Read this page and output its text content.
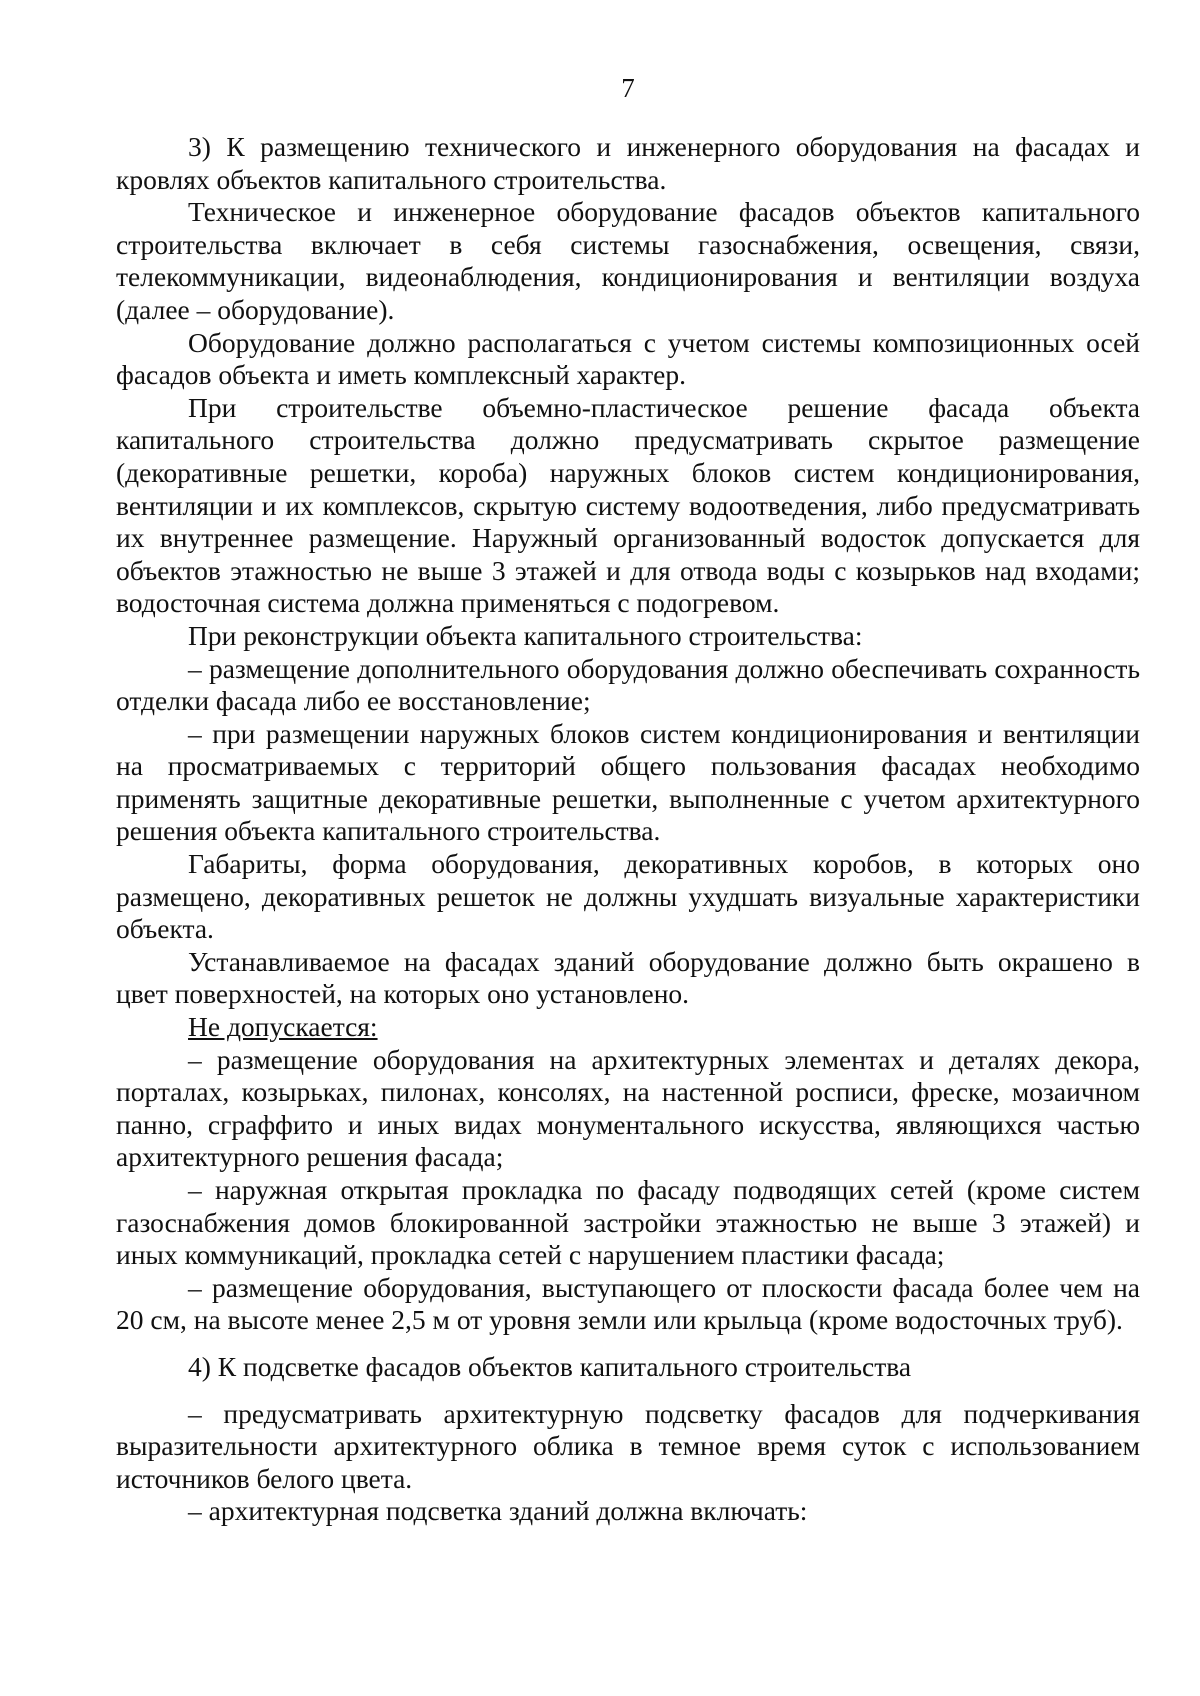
7

3) К размещению технического и инженерного оборудования на фасадах и кровлях объектов капитального строительства.

Техническое и инженерное оборудование фасадов объектов капитального строительства включает в себя системы газоснабжения, освещения, связи, телекоммуникации, видеонаблюдения, кондиционирования и вентиляции воздуха (далее – оборудование).

Оборудование должно располагаться с учетом системы композиционных осей фасадов объекта и иметь комплексный характер.

При строительстве объемно-пластическое решение фасада объекта капитального строительства должно предусматривать скрытое размещение (декоративные решетки, короба) наружных блоков систем кондиционирования, вентиляции и их комплексов, скрытую систему водоотведения, либо предусматривать их внутреннее размещение. Наружный организованный водосток допускается для объектов этажностью не выше 3 этажей и для отвода воды с козырьков над входами; водосточная система должна применяться с подогревом.

При реконструкции объекта капитального строительства:

– размещение дополнительного оборудования должно обеспечивать сохранность отделки фасада либо ее восстановление;

– при размещении наружных блоков систем кондиционирования и вентиляции на просматриваемых с территорий общего пользования фасадах необходимо применять защитные декоративные решетки, выполненные с учетом архитектурного решения объекта капитального строительства.

Габариты, форма оборудования, декоративных коробов, в которых оно размещено, декоративных решеток не должны ухудшать визуальные характеристики объекта.

Устанавливаемое на фасадах зданий оборудование должно быть окрашено в цвет поверхностей, на которых оно установлено.

Не допускается:

– размещение оборудования на архитектурных элементах и деталях декора, порталах, козырьках, пилонах, консолях, на настенной росписи, фреске, мозаичном панно, сграффито и иных видах монументального искусства, являющихся частью архитектурного решения фасада;

– наружная открытая прокладка по фасаду подводящих сетей (кроме систем газоснабжения домов блокированной застройки этажностью не выше 3 этажей) и иных коммуникаций, прокладка сетей с нарушением пластики фасада;

– размещение оборудования, выступающего от плоскости фасада более чем на 20 см, на высоте менее 2,5 м от уровня земли или крыльца (кроме водосточных труб).

4) К подсветке фасадов объектов капитального строительства

– предусматривать архитектурную подсветку фасадов для подчеркивания выразительности архитектурного облика в темное время суток с использованием источников белого цвета.

– архитектурная подсветка зданий должна включать:
